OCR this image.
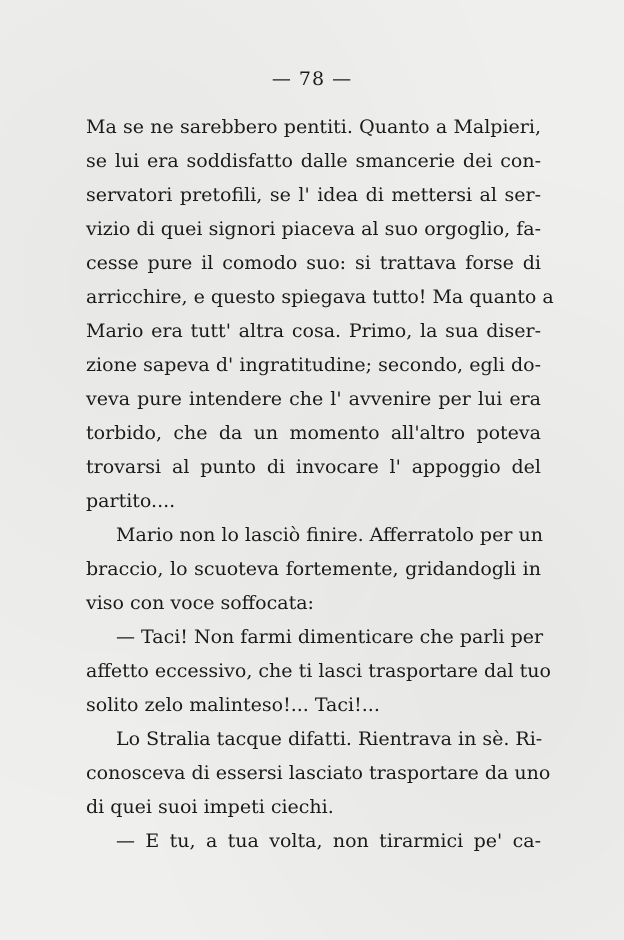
— 78 —
Ma se ne sarebbero pentiti. Quanto a Malpieri,
se lui era soddisfatto dalle smancerie dei con-
servatori pretofili, se l' idea di mettersi al ser-
vizio di quei signori piaceva al suo orgoglio, fa-
cesse pure il comodo suo: si trattava forse di
arricchire, e questo spiegava tutto! Ma quanto a
Mario era tutt' altra cosa. Primo, la sua diser-
zione sapeva d' ingratitudine; secondo, egli do-
veva pure intendere che l' avvenire per lui era
torbido, che da un momento all'altro poteva
trovarsi al punto di invocare l' appoggio del
partito....
Mario non lo lasciò finire. Afferratolo per un
braccio, lo scuoteva fortemente, gridandogli in
viso con voce soffocata:
— Taci! Non farmi dimenticare che parli per
affetto eccessivo, che ti lasci trasportare dal tuo
solito zelo malinteso!... Taci!...
Lo Stralia tacque difatti. Rientrava in sè. Ri-
conosceva di essersi lasciato trasportare da uno
di quei suoi impeti ciechi.
— E tu, a tua volta, non tirarmici pe' ca-
